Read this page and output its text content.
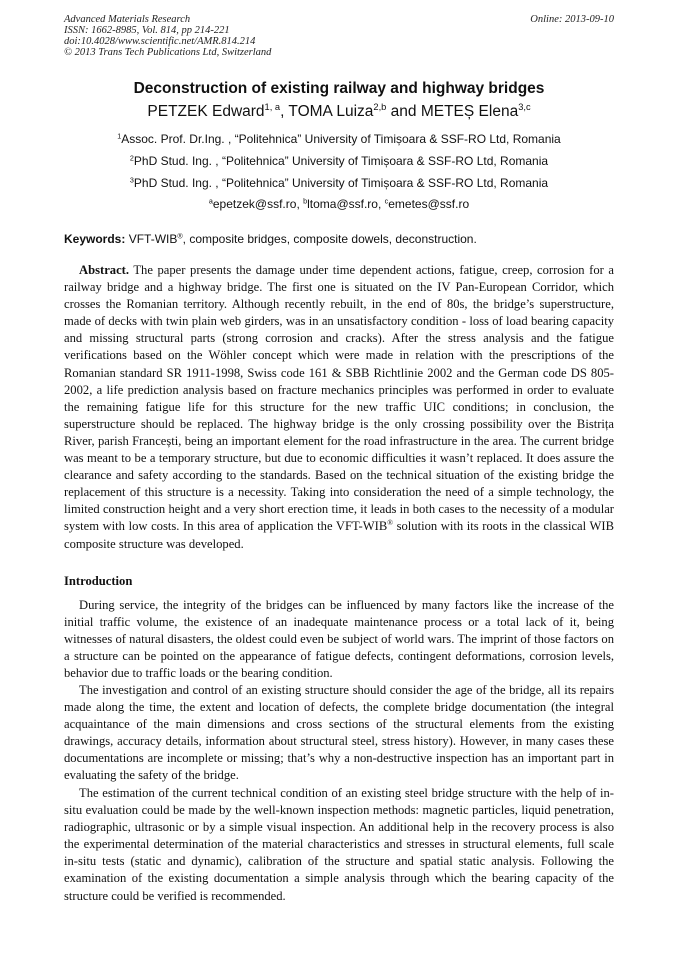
Advanced Materials Research
ISSN: 1662-8985, Vol. 814, pp 214-221
doi:10.4028/www.scientific.net/AMR.814.214
© 2013 Trans Tech Publications Ltd, Switzerland
Online: 2013-09-10
Deconstruction of existing railway and highway bridges
PETZEK Edward$^{1, a}$, TOMA Luiza$^{2,b}$ and METEȘ Elena$^{3,c}$
$^1$Assoc. Prof. Dr.Ing. , “Politehnica” University of Timișoara & SSF-RO Ltd, Romania
$^2$PhD Stud. Ing. , “Politehnica” University of Timișoara & SSF-RO Ltd, Romania
$^3$PhD Stud. Ing. , “Politehnica” University of Timișoara & SSF-RO Ltd, Romania
$^a$epetzek@ssf.ro, $^b$ltoma@ssf.ro, $^c$emetes@ssf.ro
Keywords: VFT-WIB®, composite bridges, composite dowels, deconstruction.
Abstract. The paper presents the damage under time dependent actions, fatigue, creep, corrosion for a railway bridge and a highway bridge. The first one is situated on the IV Pan-European Corridor, which crosses the Romanian territory. Although recently rebuilt, in the end of 80s, the bridge’s superstructure, made of decks with twin plain web girders, was in an unsatisfactory condition - loss of load bearing capacity and missing structural parts (strong corrosion and cracks). After the stress analysis and the fatigue verifications based on the Wöhler concept which were made in relation with the prescriptions of the Romanian standard SR 1911-1998, Swiss code 161 & SBB Richtlinie 2002 and the German code DS 805-2002, a life prediction analysis based on fracture mechanics principles was performed in order to evaluate the remaining fatigue life for this structure for the new traffic UIC conditions; in conclusion, the superstructure should be replaced. The highway bridge is the only crossing possibility over the Bistrița River, parish Francești, being an important element for the road infrastructure in the area. The current bridge was meant to be a temporary structure, but due to economic difficulties it wasn’t replaced. It does assure the clearance and safety according to the standards. Based on the technical situation of the existing bridge the replacement of this structure is a necessity. Taking into consideration the need of a simple technology, the limited construction height and a very short erection time, it leads in both cases to the necessity of a modular system with low costs. In this area of application the VFT-WIB® solution with its roots in the classical WIB composite structure was developed.
Introduction
During service, the integrity of the bridges can be influenced by many factors like the increase of the initial traffic volume, the existence of an inadequate maintenance process or a total lack of it, being witnesses of natural disasters, the oldest could even be subject of world wars. The imprint of those factors on a structure can be pointed on the appearance of fatigue defects, contingent deformations, corrosion levels, behavior due to traffic loads or the bearing condition.
The investigation and control of an existing structure should consider the age of the bridge, all its repairs made along the time, the extent and location of defects, the complete bridge documentation (the integral acquaintance of the main dimensions and cross sections of the structural elements from the existing drawings, accuracy details, information about structural steel, stress history). However, in many cases these documentations are incomplete or missing; that’s why a non-destructive inspection has an important part in evaluating the safety of the bridge.
The estimation of the current technical condition of an existing steel bridge structure with the help of in-situ evaluation could be made by the well-known inspection methods: magnetic particles, liquid penetration, radiographic, ultrasonic or by a simple visual inspection. An additional help in the recovery process is also the experimental determination of the material characteristics and stresses in structural elements, full scale in-situ tests (static and dynamic), calibration of the structure and spatial static analysis. Following the examination of the existing documentation a simple analysis through which the bearing capacity of the structure could be verified is recommended.
